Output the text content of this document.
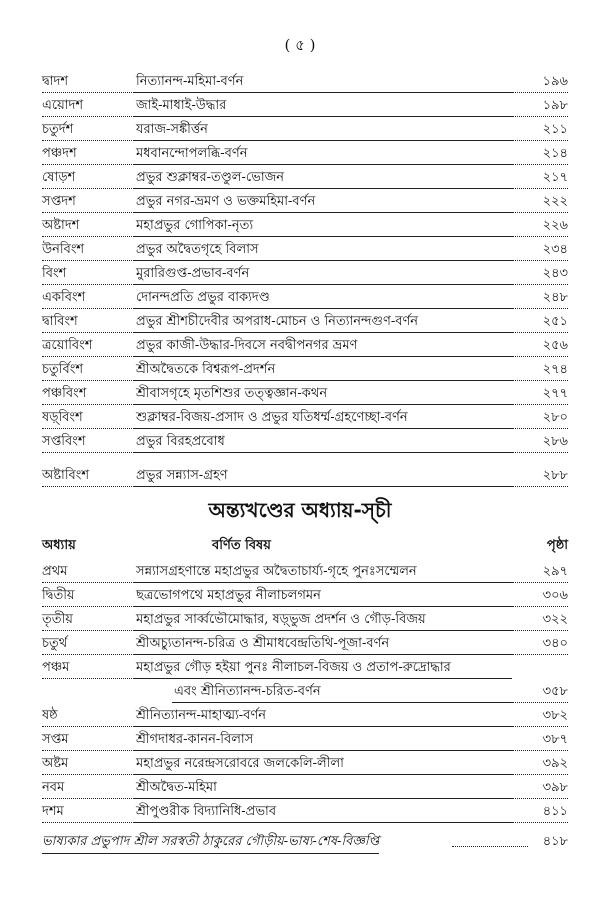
( ৫ )
দ্বাদশ	নিত্যানন্দ-মহিমা-বর্ণন	১৯৬
এয়োদশ	জাই-মাধাই-উদ্ধার	১৯৮
চতুর্দশ	যরাজ-সঙ্কীর্ত্তন	২১১
পঞ্চদশ	মধবানন্দোপলব্ধি-বর্ণন	২১৪
ষোড়শ	প্রভুর শুক্লাম্বর-তণ্ডুল-ভোজন	২১৭
সপ্তদশ	প্রভুর নগর-ভ্রমণ ও ভক্তমহিমা-বর্ণন	২২২
অষ্টাদশ	মহাপ্রভুর গোপিকা-নৃত্য	২২৬
উনবিংশ	প্রভুর অদ্বৈতগৃহে বিলাস	২৩৪
বিংশ	মুরারিগুপ্ত-প্রভাব-বর্ণন	২৪৩
একবিংশ	দোনন্দপ্রতি প্রভুর বাক্যদণ্ড	২৪৮
দ্বাবিংশ	প্রভুর শ্রীশচীদেবীর অপরাধ-মোচন ও নিত্যানন্দগুণ-বর্ণন	২৫১
ত্রয়োবিংশ	প্রভুর কাজী-উদ্ধার-দিবসে নবদ্বীপনগর ভ্রমণ	২৫৬
চতুর্বিংশ	শ্রীঅদ্বৈতকে বিশ্বরূপ-প্রদর্শন	২৭৪
পঞ্চবিংশ	শ্রীবাসগৃহে মৃতশিশুর তত্ত্বজ্ঞান-কথন	২৭৭
ষড়্‌বিংশ	শুক্লাম্বর-বিজয়-প্রসাদ ও প্রভুর যতিধর্ম্ম-গ্রহণেচ্ছা-বর্ণন	২৮০
সপ্তবিংশ	প্রভুর বিরহপ্রবোধ	২৮৬
অষ্টাবিংশ	প্রভুর সন্ন্যাস-গ্রহণ	২৮৮
অন্ত্যখণ্ডের অধ্যায়-স্‌চী
অধ্যায়	বর্ণিত বিষয়	পৃষ্ঠা
প্রথম	সন্ন্যাসগ্রহণান্তে মহাপ্রভুর অদ্বৈতাচার্য্য-গৃহে পুনঃসম্মেলন	২৯৭
দ্বিতীয়	ছত্রভোগপথে মহাপ্রভুর নীলাচলগমন	৩০৬
তৃতীয়	মহাপ্রভুর সার্ব্বভৌমোদ্ধার, ষড়্‌ভুজ প্রদর্শন ও গৌড়-বিজয়	৩২২
চতুর্থ	শ্রীঅচ্যুতানন্দ-চরিত্র ও শ্রীমাধবেন্দ্রতিথি-পূজা-বর্ণন	৩৪০
পঞ্চম	মহাপ্রভুর গৌড় হইয়া পুনঃ নীলাচল-বিজয় ও প্রতাপ-রুদ্রোদ্ধার
এবং শ্রীনিত্যানন্দ-চরিত-বর্ণন	৩৫৮
ষষ্ঠ	শ্রীনিত্যানন্দ-মাহাত্ম্য-বর্ণন	৩৮২
সপ্তম	শ্রীগদাধর-কানন-বিলাস	৩৮৭
অষ্টম	মহাপ্রভুর নরেন্দ্রসরোবরে জলকেলি-লীলা	৩৯২
নবম	শ্রীঅদ্বৈত-মহিমা	৩৯৮
দশম	শ্রীপুণ্ডরীক বিদ্যানিধি-প্রভাব	৪১১
ভাষ্যকার প্রভুপাদ শ্রীল সরস্বতী ঠাকুরের গৌড়ীয়-ভাষ্য-শেষ-বিজ্ঞপ্তি	৪১৮
